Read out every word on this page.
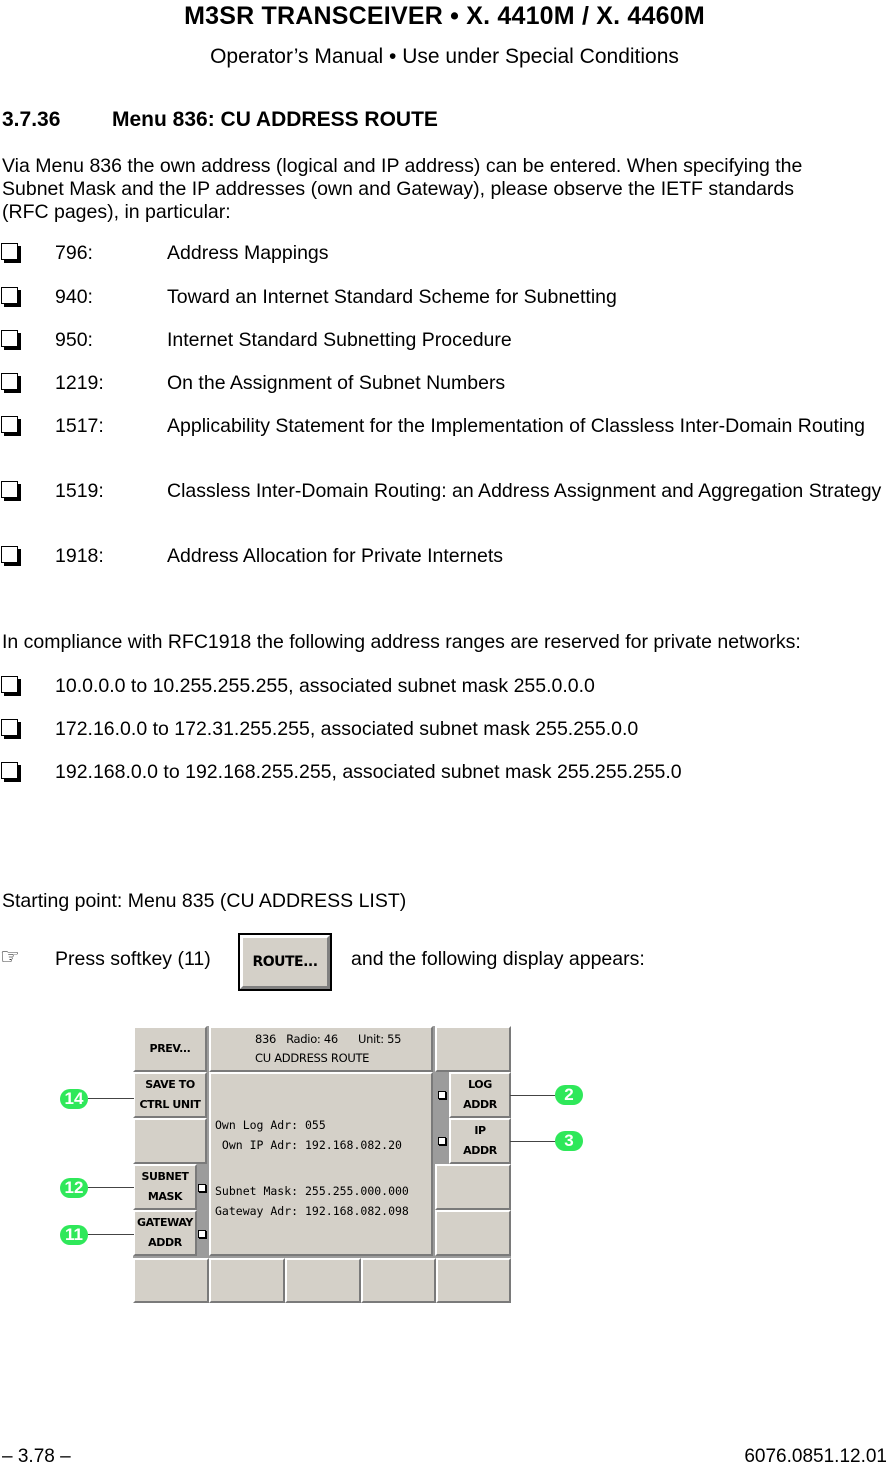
M3SR TRANSCEIVER • X. 4410M / X. 4460M
Operator’s Manual • Use under Special Conditions
3.7.36 Menu 836: CU ADDRESS ROUTE
Via Menu 836 the own address (logical and IP address) can be entered. When specifying the
Subnet Mask and the IP addresses (own and Gateway), please observe the IETF standards
(RFC pages), in particular:
796:	Address Mappings
940:	Toward an Internet Standard Scheme for Subnetting
950:	Internet Standard Subnetting Procedure
1219:	On the Assignment of Subnet Numbers
1517:	Applicability Statement for the Implementation of Classless Inter-Domain Routing
1519:	Classless Inter-Domain Routing: an Address Assignment and Aggregation Strategy
1918:	Address Allocation for Private Internets
In compliance with RFC1918 the following address ranges are reserved for private networks:
10.0.0.0 to 10.255.255.255, associated subnet mask 255.0.0.0
172.16.0.0 to 172.31.255.255, associated subnet mask 255.255.0.0
192.168.0.0 to 192.168.255.255, associated subnet mask 255.255.255.0
Starting point: Menu 835 (CU ADDRESS LIST)
☞ Press softkey (11)	ROUTE...	and the following display appears:
PREV...
SAVE TO
CTRL UNIT
SUBNET
MASK
GATEWAY
ADDR
836   Radio: 46      Unit: 55
CU ADDRESS ROUTE
Own Log Adr: 055
Own IP Adr: 192.168.082.20
Subnet Mask: 255.255.000.000
Gateway Adr: 192.168.082.098
LOG
ADDR
IP
ADDR
14
12
11
2
3
– 3.78 –	6076.0851.12.01
